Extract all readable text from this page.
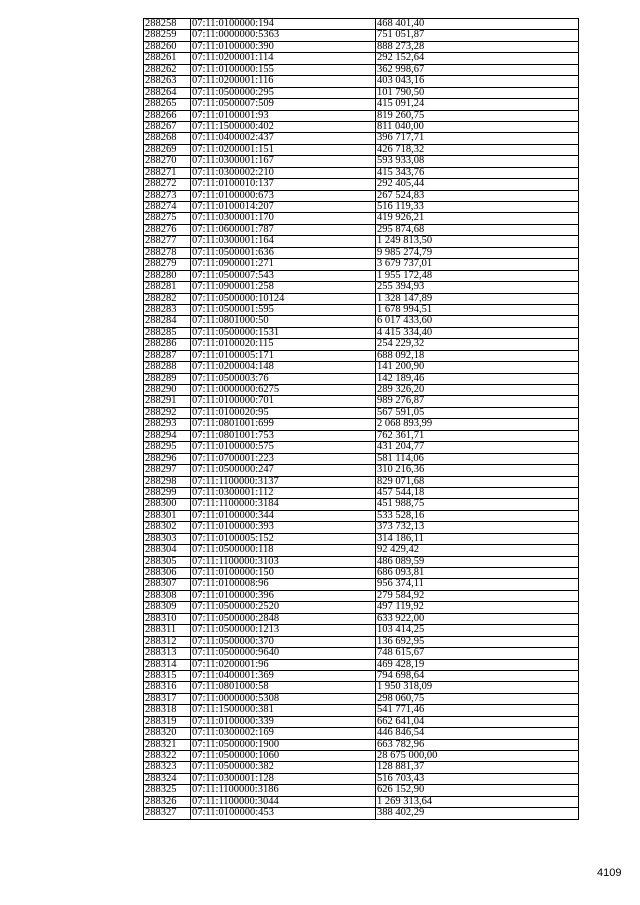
288258	07:11:0100000:194	468 401,40
288259	07:11:0000000:5363	751 051,87
288260	07:11:0100000:390	888 273,28
288261	07:11:0200001:114	292 152,64
288262	07:11:0100000:155	362 998,67
288263	07:11:0200001:116	403 043,16
288264	07:11:0500000:295	101 790,50
288265	07:11:0500007:509	415 091,24
288266	07:11:0100001:93	819 260,75
288267	07:11:1500000:402	811 040,00
288268	07:11:0400002:437	396 717,71
288269	07:11:0200001:151	426 718,32
288270	07:11:0300001:167	593 933,08
288271	07:11:0300002:210	415 343,76
288272	07:11:0100010:137	292 405,44
288273	07:11:0100000:673	267 524,83
288274	07:11:0100014:207	516 119,33
288275	07:11:0300001:170	419 926,21
288276	07:11:0600001:787	295 874,68
288277	07:11:0300001:164	1 249 813,50
288278	07:11:0500001:636	9 985 274,79
288279	07:11:0900001:271	3 679 737,01
288280	07:11:0500007:543	1 955 172,48
288281	07:11:0900001:258	255 394,93
288282	07:11:0500000:10124	1 328 147,89
288283	07:11:0500001:595	1 678 994,51
288284	07:11:0801000:50	6 017 433,60
288285	07:11:0500000:1531	4 415 334,40
288286	07:11:0100020:115	254 229,32
288287	07:11:0100005:171	688 092,18
288288	07:11:0200004:148	141 200,90
288289	07:11:0500003:76	142 189,46
288290	07:11:0000000:6275	289 326,20
288291	07:11:0100000:701	989 276,87
288292	07:11:0100020:95	567 591,05
288293	07:11:0801001:699	2 068 893,99
288294	07:11:0801001:753	762 361,71
288295	07:11:0100000:575	431 204,77
288296	07:11:0700001:223	581 114,06
288297	07:11:0500000:247	310 216,36
288298	07:11:1100000:3137	829 071,68
288299	07:11:0300001:112	457 544,18
288300	07:11:1100000:3184	451 988,75
288301	07:11:0100000:344	533 528,16
288302	07:11:0100000:393	373 732,13
288303	07:11:0100005:152	314 186,11
288304	07:11:0500000:118	92 429,42
288305	07:11:1100000:3103	486 089,59
288306	07:11:0100000:150	686 093,81
288307	07:11:0100008:96	956 374,11
288308	07:11:0100000:396	279 584,92
288309	07:11:0500000:2520	497 119,92
288310	07:11:0500000:2848	633 922,00
288311	07:11:0500000:1213	103 414,25
288312	07:11:0500000:370	136 692,95
288313	07:11:0500000:9640	748 615,67
288314	07:11:0200001:96	469 428,19
288315	07:11:0400001:369	794 698,64
288316	07:11:0801000:58	1 950 318,09
288317	07:11:0000000:5308	298 060,75
288318	07:11:1500000:381	541 771,46
288319	07:11:0100000:339	662 641,04
288320	07:11:0300002:169	446 846,54
288321	07:11:0500000:1900	663 782,96
288322	07:11:0500000:1060	28 675 000,00
288323	07:11:0500000:382	128 881,37
288324	07:11:0300001:128	516 703,43
288325	07:11:1100000:3186	626 152,90
288326	07:11:1100000:3044	1 269 313,64
288327	07:11:0100000:453	388 402,29
4109
